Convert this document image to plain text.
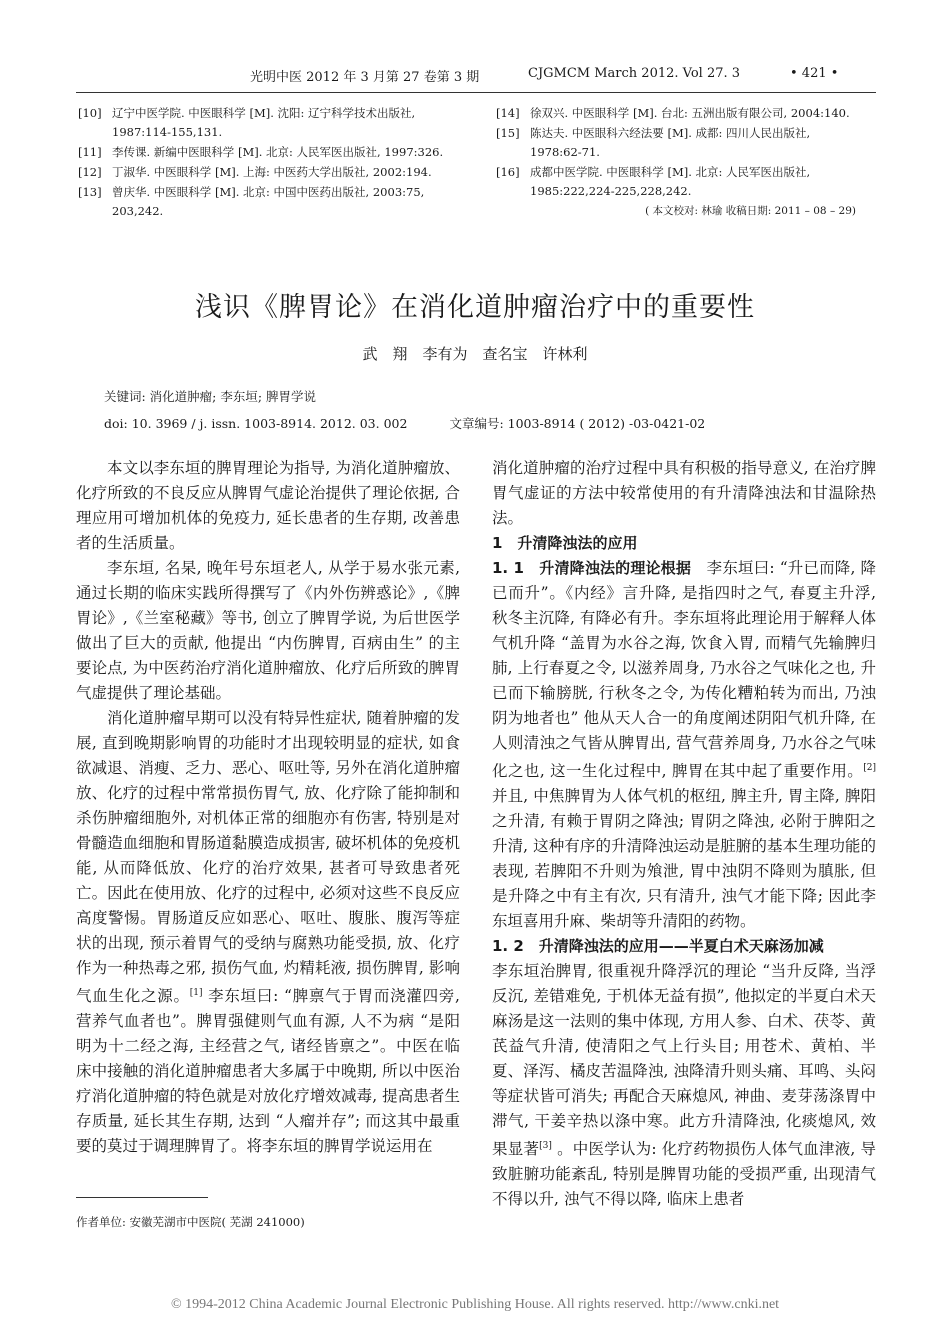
光明中医 2012 年 3 月第 27 卷第 3 期	CJGMCM March 2012. Vol 27. 3	• 421 •
[10] 辽宁中医学院. 中医眼科学 [M]. 沈阳: 辽宁科学技术出版社,
1987:114-155,131.
[11] 李传课. 新编中医眼科学 [M]. 北京: 人民军医出版社, 1997:326.
[12] 丁淑华. 中医眼科学 [M]. 上海: 中医药大学出版社, 2002:194.
[13] 曾庆华. 中医眼科学 [M]. 北京: 中国中医药出版社, 2003:75,
203,242.
[14] 徐双兴. 中医眼科学 [M]. 台北: 五洲出版有限公司, 2004:140.
[15] 陈达夫. 中医眼科六经法要 [M]. 成都: 四川人民出版社,
1978:62-71.
[16] 成都中医学院. 中医眼科学 [M]. 北京: 人民军医出版社,
1985:222,224-225,228,242.
( 本文校对: 林瑜 收稿日期: 2011 – 08 – 29)
浅识《脾胃论》在消化道肿瘤治疗中的重要性
武　翔　李有为　查名宝　许林利
关键词: 消化道肿瘤; 李东垣; 脾胃学说
doi: 10. 3969 / j. issn. 1003-8914. 2012. 03. 002	文章编号: 1003-8914 ( 2012) -03-0421-02

本文以李东垣的脾胃理论为指导, 为消化道肿瘤放、化疗所致的不良反应从脾胃气虚论治提供了理论依据, 合理应用可增加机体的免疫力, 延长患者的生存期, 改善患者的生活质量。

李东垣, 名杲, 晚年号东垣老人, 从学于易水张元素, 通过长期的临床实践所得撰写了《内外伤辨惑论》,《脾胃论》,《兰室秘藏》等书, 创立了脾胃学说, 为后世医学做出了巨大的贡献, 他提出 “内伤脾胃, 百病由生” 的主要论点, 为中医药治疗消化道肿瘤放、化疗后所致的脾胃气虚提供了理论基础。

消化道肿瘤早期可以没有特异性症状, 随着肿瘤的发展, 直到晚期影响胃的功能时才出现较明显的症状, 如食欲减退、消瘦、乏力、恶心、呕吐等, 另外在消化道肿瘤放、化疗的过程中常常损伤胃气, 放、化疗除了能抑制和杀伤肿瘤细胞外, 对机体正常的细胞亦有伤害, 特别是对骨髓造血细胞和胃肠道黏膜造成损害, 破坏机体的免疫机能, 从而降低放、化疗的治疗效果, 甚者可导致患者死亡。因此在使用放、化疗的过程中, 必须对这些不良反应高度警惕。胃肠道反应如恶心、呕吐、腹胀、腹泻等症状的出现, 预示着胃气的受纳与腐熟功能受损, 放、化疗作为一种热毒之邪, 损伤气血, 灼精耗液, 损伤脾胃, 影响气血生化之源。[1] 李东垣曰: “脾禀气于胃而浇灌四旁, 营养气血者也”。脾胃强健则气血有源, 人不为病 “是阳明为十二经之海, 主经营之气, 诸经皆禀之”。中医在临床中接触的消化道肿瘤患者大多属于中晚期, 所以中医治疗消化道肿瘤的特色就是对放化疗增效减毒, 提高患者生存质量, 延长其生存期, 达到 “人瘤并存”; 而这其中最重要的莫过于调理脾胃了。将李东垣的脾胃学说运用在

消化道肿瘤的治疗过程中具有积极的指导意义, 在治疗脾胃气虚证的方法中较常使用的有升清降浊法和甘温除热法。

1　升清降浊法的应用

1. 1　升清降浊法的理论根据　李东垣曰: “升已而降, 降已而升”。《内经》言升降, 是指四时之气, 春夏主升浮, 秋冬主沉降, 有降必有升。李东垣将此理论用于解释人体气机升降 “盖胃为水谷之海, 饮食入胃, 而精气先输脾归肺, 上行春夏之令, 以滋养周身, 乃水谷之气味化之也, 升已而下输膀胱, 行秋冬之令, 为传化糟粕转为而出, 乃浊阴为地者也” 他从天人合一的角度阐述阴阳气机升降, 在人则清浊之气皆从脾胃出, 营气营养周身, 乃水谷之气味化之也, 这一生化过程中, 脾胃在其中起了重要作用。[2] 并且, 中焦脾胃为人体气机的枢纽, 脾主升, 胃主降, 脾阳之升清, 有赖于胃阴之降浊; 胃阴之降浊, 必附于脾阳之升清, 这种有序的升清降浊运动是脏腑的基本生理功能的表现, 若脾阳不升则为飧泄, 胃中浊阴不降则为䐜胀, 但是升降之中有主有次, 只有清升, 浊气才能下降; 因此李东垣喜用升麻、柴胡等升清阳的药物。

1. 2　升清降浊法的应用——半夏白术天麻汤加减

李东垣治脾胃, 很重视升降浮沉的理论 “当升反降, 当浮反沉, 差错难免, 于机体无益有损”, 他拟定的半夏白术天麻汤是这一法则的集中体现, 方用人参、白术、茯苓、黄芪益气升清, 使清阳之气上行头目; 用苍术、黄柏、半夏、泽泻、橘皮苦温降浊, 浊降清升则头痛、耳鸣、头闷等症状皆可消失; 再配合天麻熄风, 神曲、麦芽荡涤胃中滞气, 干姜辛热以涤中寒。此方升清降浊, 化痰熄风, 效果显著[3] 。中医学认为: 化疗药物损伤人体气血津液, 导致脏腑功能紊乱, 特别是脾胃功能的受损严重, 出现清气不得以升, 浊气不得以降, 临床上患者

作者单位: 安徽芜湖市中医院( 芜湖 241000)
© 1994-2012 China Academic Journal Electronic Publishing House. All rights reserved. http://www.cnki.net
